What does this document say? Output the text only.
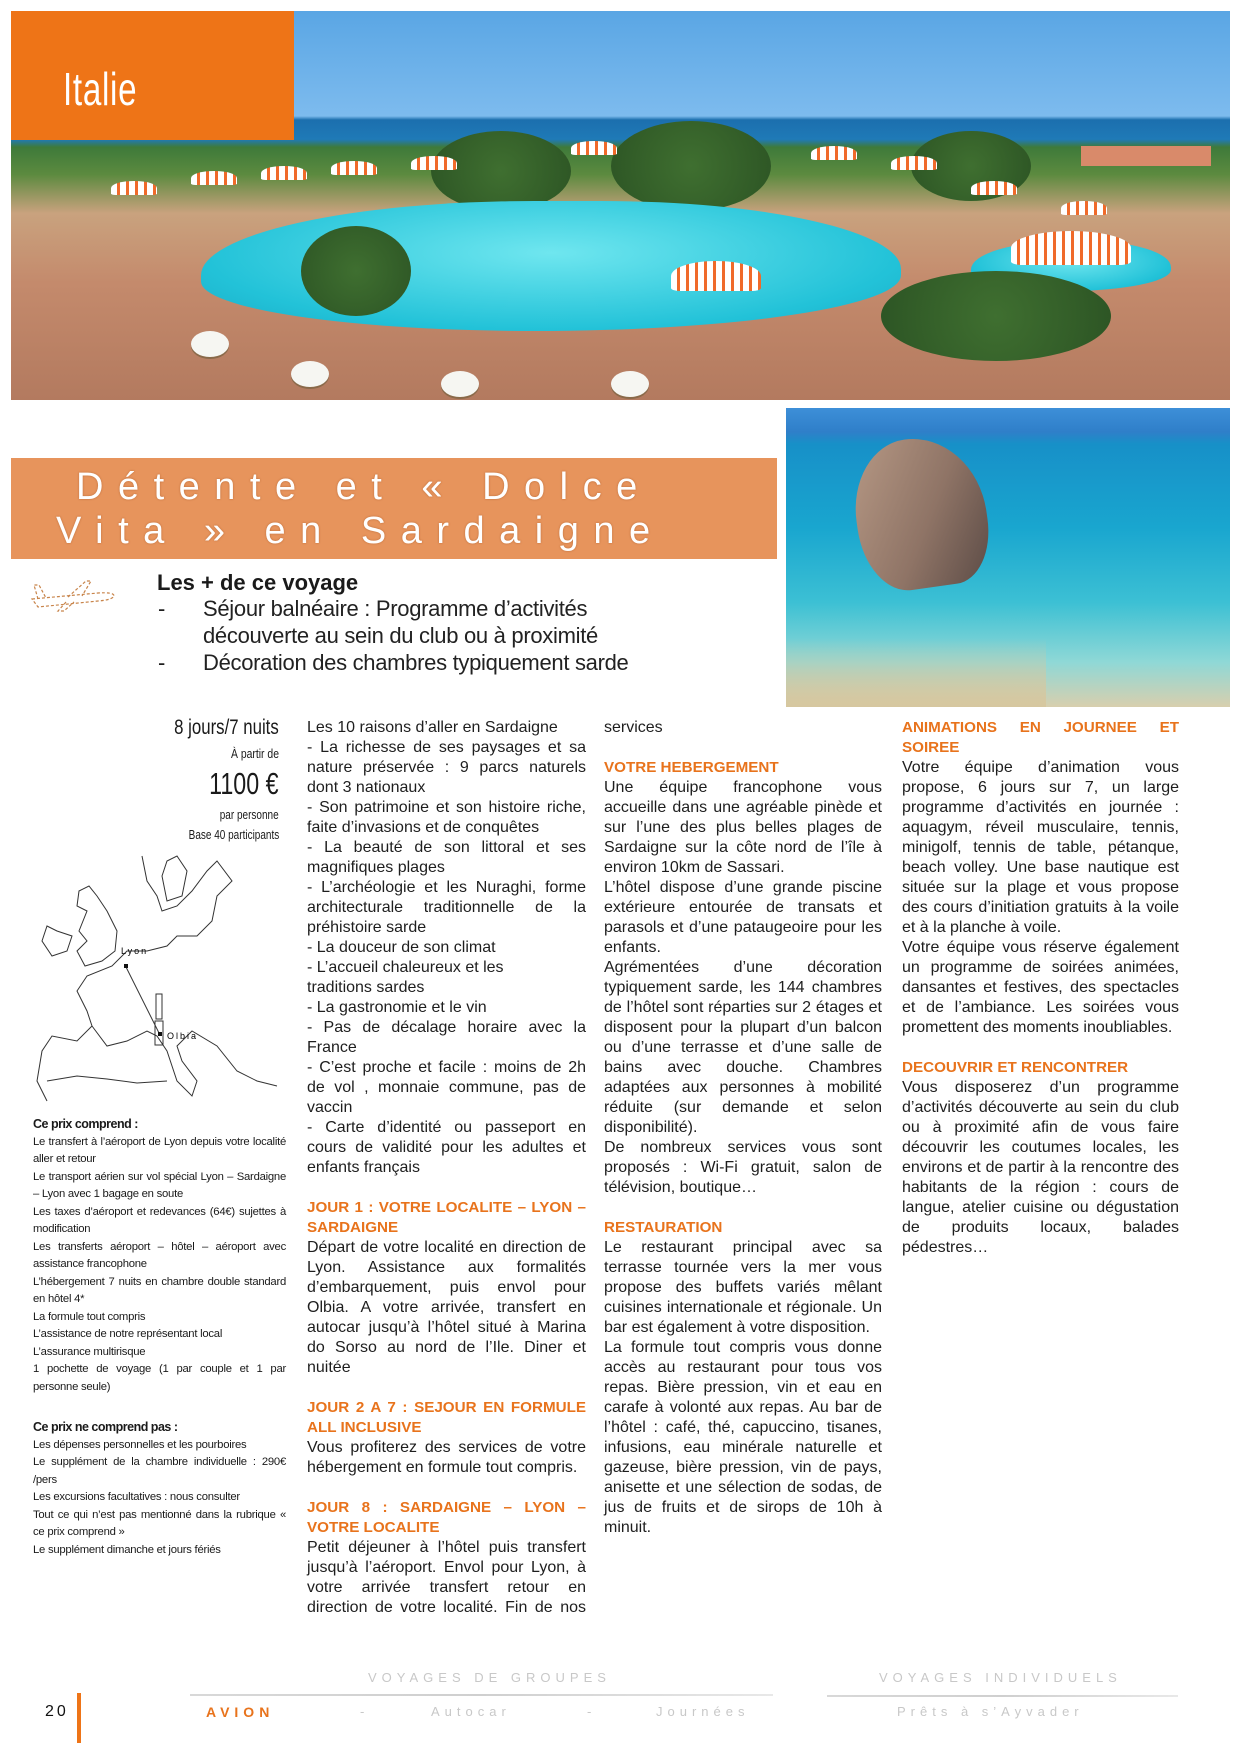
Italie
Détente et « Dolce
Vita » en Sardaigne
Les + de ce voyage
- Séjour balnéaire : Programme d’activités
découverte au sein du club ou à proximité
- Décoration des chambres typiquement sarde
8 jours/7 nuits
À partir de
1100 €
par personne
Base 40 participants
Lyon
Olbia
Ce prix comprend :

Le transfert à l’aéroport de Lyon depuis votre localité aller et retour

Le transport aérien sur vol spécial Lyon – Sardaigne – Lyon avec 1 bagage en soute

Les taxes d’aéroport et redevances (64€) sujettes à modification

Les transferts aéroport – hôtel – aéroport avec assistance francophone

L’hébergement 7 nuits en chambre double standard en hôtel 4*

La formule tout compris

L’assistance de notre représentant local

L’assurance multirisque

1 pochette de voyage (1 par couple et 1 par personne seule)

Ce prix ne comprend pas :

Les dépenses personnelles et les pourboires

Le supplément de la chambre individuelle : 290€ /pers

Les excursions facultatives : nous consulter

Tout ce qui n’est pas mentionné dans la rubrique « ce prix comprend »

Le supplément dimanche et jours fériés

Les 10 raisons d’aller en Sardaigne

- La richesse de ses paysages et sa nature préservée : 9 parcs naturels dont 3 nationaux

- Son patrimoine et son histoire riche, faite d’invasions et de conquêtes

- La beauté de son littoral et ses magnifiques plages

- L’archéologie et les Nuraghi, forme architecturale traditionnelle de la préhistoire sarde

- La douceur de son climat

- L’accueil chaleureux et les

traditions sardes

- La gastronomie et le vin

- Pas de décalage horaire avec la France

- C’est proche et facile : moins de 2h de vol , monnaie commune, pas de vaccin

- Carte d’identité ou passeport en cours de validité pour les adultes et enfants français

JOUR 1 : VOTRE LOCALITE – LYON – SARDAIGNE

Départ de votre localité en direction de Lyon. Assistance aux formalités d’embarquement, puis envol pour Olbia. A votre arrivée, transfert en autocar jusqu’à l’hôtel situé à Marina do Sorso au nord de l’Ile. Diner et nuitée

JOUR 2 A 7 : SEJOUR EN FORMULE ALL INCLUSIVE

Vous profiterez des services de votre hébergement en formule tout compris.

JOUR 8 : SARDAIGNE – LYON – VOTRE LOCALITE

Petit déjeuner à l’hôtel puis transfert jusqu’à l’aéroport. Envol pour Lyon, à votre arrivée transfert retour en direction de votre localité. Fin de nos

services

VOTRE HEBERGEMENT

Une équipe francophone vous accueille dans une agréable pinède et sur l’une des plus belles plages de Sardaigne sur la côte nord de l’île à environ 10km de Sassari.

L’hôtel dispose d’une grande piscine extérieure entourée de transats et parasols et d’une pataugeoire pour les enfants.

Agrémentées d’une décoration typiquement sarde, les 144 chambres de l’hôtel sont réparties sur 2 étages et disposent pour la plupart d’un balcon ou d’une terrasse et d’une salle de bains avec douche. Chambres adaptées aux personnes à mobilité réduite (sur demande et selon disponibilité).

De nombreux services vous sont proposés : Wi-Fi gratuit, salon de télévision, boutique…

RESTAURATION

Le restaurant principal avec sa terrasse tournée vers la mer vous propose des buffets variés mêlant cuisines internationale et régionale. Un bar est également à votre disposition.

La formule tout compris vous donne accès au restaurant pour tous vos repas. Bière pression, vin et eau en carafe à volonté aux repas. Au bar de l’hôtel : café, thé, capuccino, tisanes, infusions, eau minérale naturelle et gazeuse, bière pression, vin de pays, anisette et une sélection de sodas, de jus de fruits et de sirops de 10h à minuit.

ANIMATIONS EN JOURNEE ET SOIREE

Votre équipe d’animation vous propose, 6 jours sur 7, un large programme d’activités en journée : aquagym, réveil musculaire, tennis, minigolf, tennis de table, pétanque, beach volley. Une base nautique est située sur la plage et vous propose des cours d’initiation gratuits à la voile et à la planche à voile.

Votre équipe vous réserve également un programme de soirées animées, dansantes et festives, des spectacles et de l’ambiance. Les soirées vous promettent des moments inoubliables.

DECOUVRIR ET RENCONTRER

Vous disposerez d’un programme d’activités découverte au sein du club ou à proximité afin de vous faire découvrir les coutumes locales, les environs et de partir à la rencontre des habitants de la région : cours de langue, atelier cuisine ou dégustation de produits locaux, balades pédestres…

20
VOYAGES DE GROUPES	VOYAGES INDIVIDUELS
AVION	-	Autocar	-	Journées	Prêts à s’Ayvader
